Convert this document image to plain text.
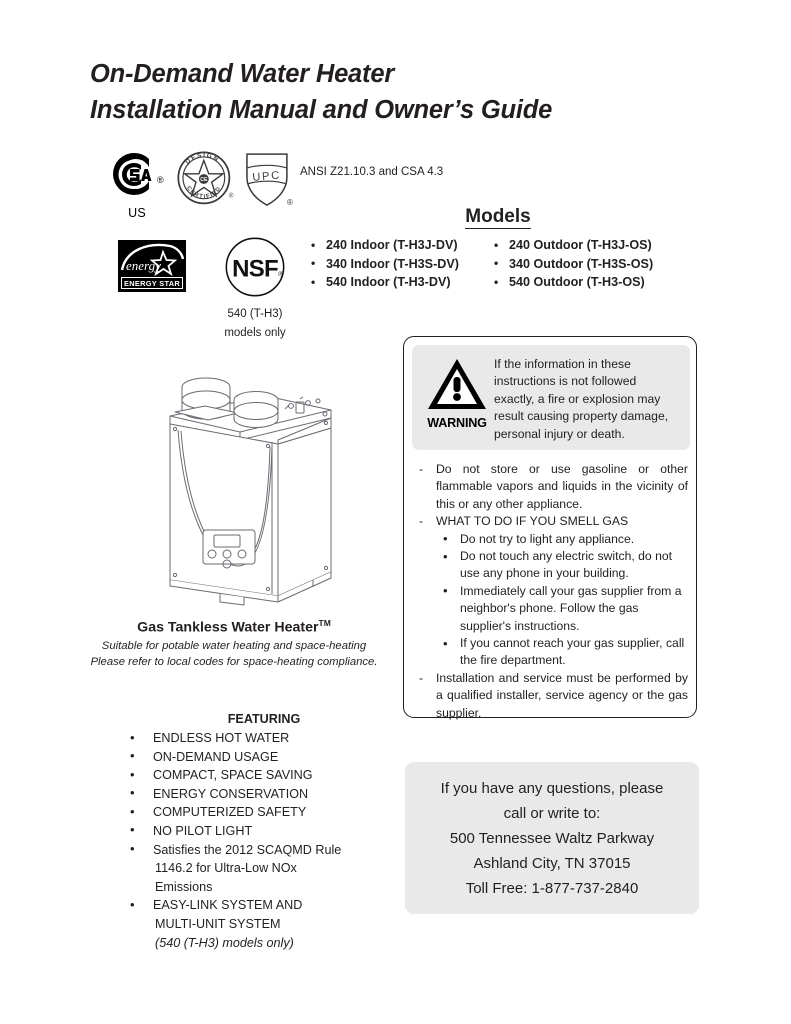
On-Demand Water Heater
Installation Manual and Owner’s Guide
®
US
CE
DESIGN
CERTIFIED
®
UPC
®
ANSI Z21.10.3 and CSA 4.3
energy
ENERGY STAR
NSF ®
540 (T-H3)
models only
Models
• 240 Indoor (T-H3J-DV)
• 340 Indoor (T-H3S-DV)
• 540 Indoor (T-H3-DV)
• 240 Outdoor (T-H3J-OS)
• 340 Outdoor (T-H3S-OS)
• 540 Outdoor (T-H3-OS)
Gas Tankless Water Heater™
Suitable for potable water heating and space-heating
Please refer to local codes for space-heating compliance.
FEATURING
• ENDLESS HOT WATER
• ON-DEMAND USAGE
• COMPACT, SPACE SAVING
• ENERGY CONSERVATION
• COMPUTERIZED SAFETY
• NO PILOT LIGHT
• Satisfies the 2012 SCAQMD Rule
1146.2 for Ultra-Low NOx
Emissions
• EASY-LINK SYSTEM AND
MULTI-UNIT SYSTEM
(540 (T-H3) models only)
WARNING
If the information in these
instructions is not followed
exactly, a fire or explosion may
result causing property damage,
personal injury or death.
- Do not store or use gasoline or other flammable vapors and liquids in the vicinity of this or any other appliance.
- WHAT TO DO IF YOU SMELL GAS
• Do not try to light any appliance.
• Do not touch any electric switch, do not use any phone in your building.
• Immediately call your gas supplier from a neighbor's phone. Follow the gas supplier's instructions.
• If you cannot reach your gas supplier, call the fire department.
- Installation and service must be performed by a qualified installer, service agency or the gas supplier.
If you have any questions, please
call or write to:
500 Tennessee Waltz Parkway
Ashland City, TN 37015
Toll Free: 1-877-737-2840
